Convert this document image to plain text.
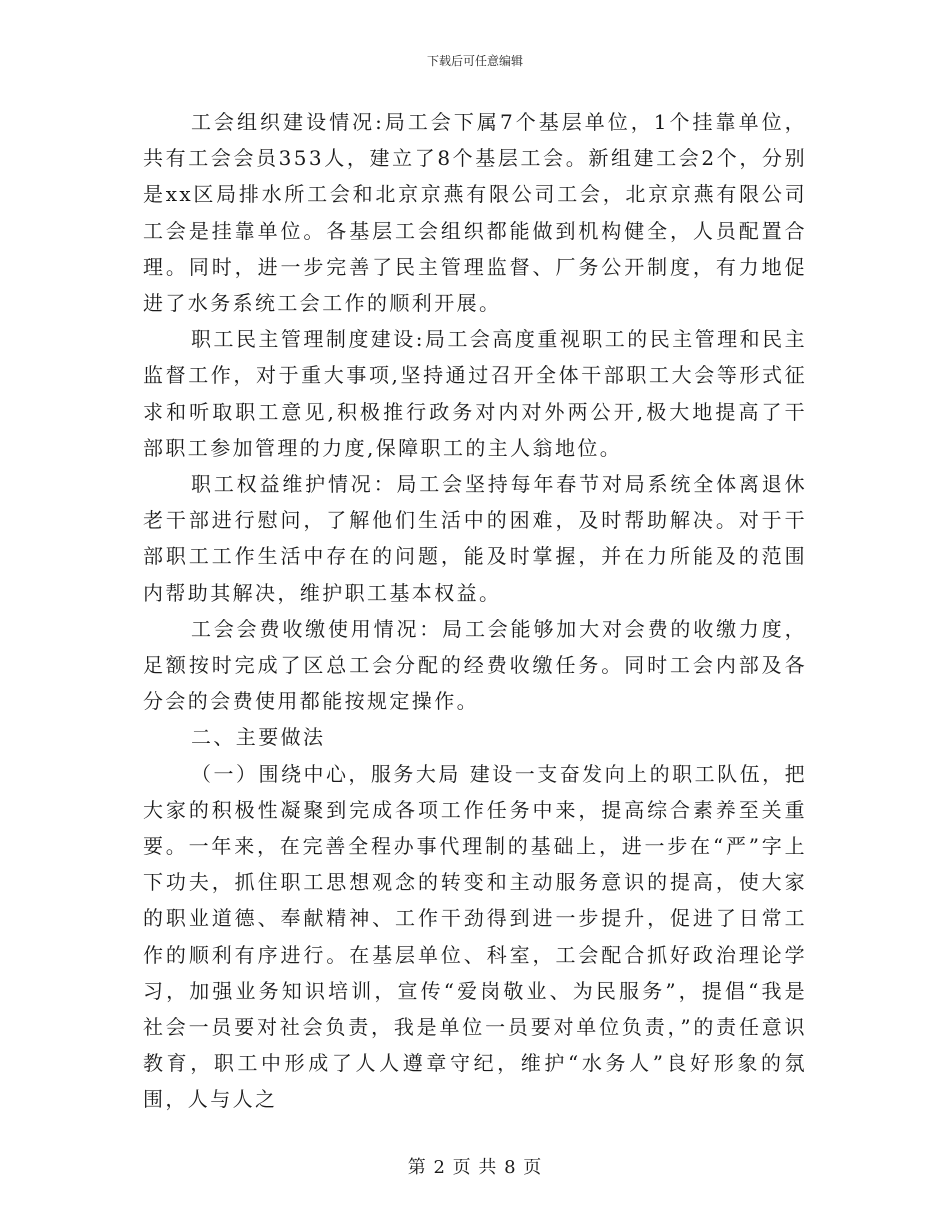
下载后可任意编辑

工会组织建设情况:局工会下属7个基层单位，1个挂靠单位，共有工会会员353人，建立了8个基层工会。新组建工会2个，分别是xx区局排水所工会和北京京燕有限公司工会，北京京燕有限公司工会是挂靠单位。各基层工会组织都能做到机构健全，人员配置合理。同时，进一步完善了民主管理监督、厂务公开制度，有力地促进了水务系统工会工作的顺利开展。

职工民主管理制度建设:局工会高度重视职工的民主管理和民主监督工作，对于重大事项,坚持通过召开全体干部职工大会等形式征求和听取职工意见,积极推行政务对内对外两公开,极大地提高了干部职工参加管理的力度,保障职工的主人翁地位。

职工权益维护情况：局工会坚持每年春节对局系统全体离退休老干部进行慰问，了解他们生活中的困难，及时帮助解决。对于干部职工工作生活中存在的问题，能及时掌握，并在力所能及的范围内帮助其解决，维护职工基本权益。

工会会费收缴使用情况：局工会能够加大对会费的收缴力度，足额按时完成了区总工会分配的经费收缴任务。同时工会内部及各分会的会费使用都能按规定操作。

二、主要做法

（一）围绕中心，服务大局 建设一支奋发向上的职工队伍，把大家的积极性凝聚到完成各项工作任务中来，提高综合素养至关重要。一年来，在完善全程办事代理制的基础上，进一步在“严”字上下功夫，抓住职工思想观念的转变和主动服务意识的提高，使大家的职业道德、奉献精神、工作干劲得到进一步提升，促进了日常工作的顺利有序进行。在基层单位、科室，工会配合抓好政治理论学习，加强业务知识培训，宣传“爱岗敬业、为民服务”，提倡“我是社会一员要对社会负责，我是单位一员要对单位负责，”的责任意识教育，职工中形成了人人遵章守纪，维护“水务人”良好形象的氛围，人与人之

第 2 页 共 8 页
